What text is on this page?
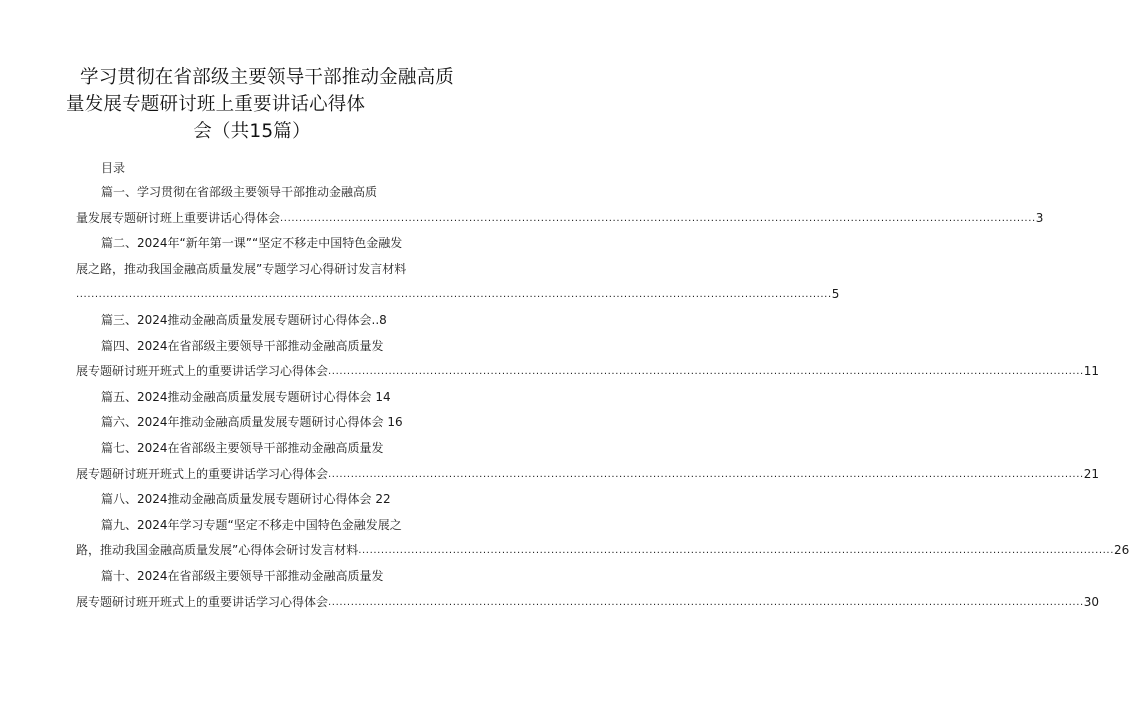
学习贯彻在省部级主要领导干部推动金融高质
量发展专题研讨班上重要讲话心得体
会（共15篇）
目录
篇一、学习贯彻在省部级主要领导干部推动金融高质
量发展专题研讨班上重要讲话心得体会 ........................................................................................................................................................................................................ 3
篇二、2024年“新年第一课”“坚定不移走中国特色金融发
展之路，推动我国金融高质量发展”专题学习心得研讨发言材料
........................................................................................................................................................................................................ 5
篇三、2024推动金融高质量发展专题研讨心得体会..8
篇四、2024在省部级主要领导干部推动金融高质量发
展专题研讨班开班式上的重要讲话学习心得体会 ........................................................................................................................................................................................................ 11
篇五、2024推动金融高质量发展专题研讨心得体会 14
篇六、2024年推动金融高质量发展专题研讨心得体会 16
篇七、2024在省部级主要领导干部推动金融高质量发
展专题研讨班开班式上的重要讲话学习心得体会 ........................................................................................................................................................................................................ 21
篇八、2024推动金融高质量发展专题研讨心得体会 22
篇九、2024年学习专题“坚定不移走中国特色金融发展之
路，推动我国金融高质量发展”心得体会研讨发言材料 ........................................................................................................................................................................................................ 26
篇十、2024在省部级主要领导干部推动金融高质量发
展专题研讨班开班式上的重要讲话学习心得体会 ........................................................................................................................................................................................................ 30
